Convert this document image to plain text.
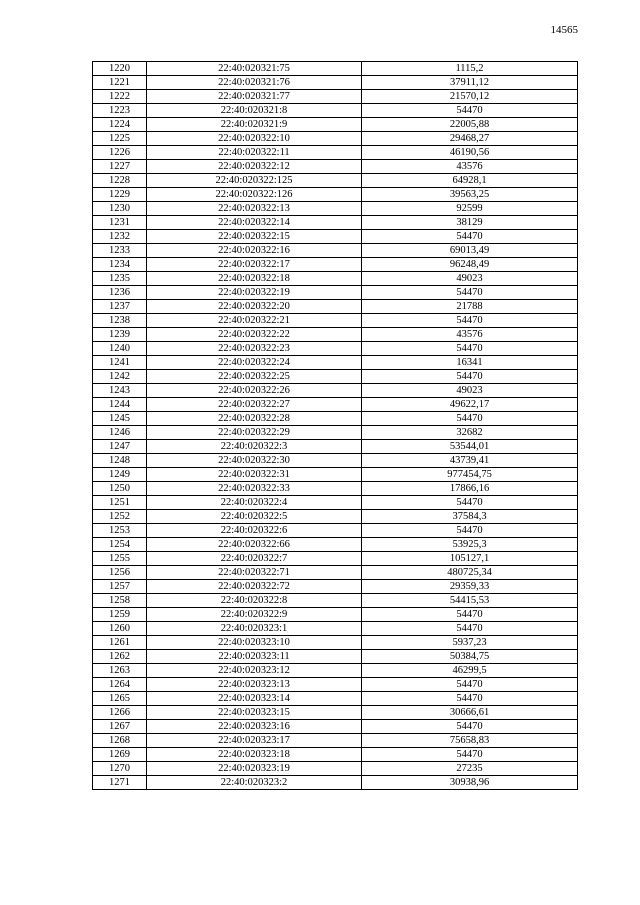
14565
1220	22:40:020321:75	1115,2
1221	22:40:020321:76	37911,12
1222	22:40:020321:77	21570,12
1223	22:40:020321:8	54470
1224	22:40:020321:9	22005,88
1225	22:40:020322:10	29468,27
1226	22:40:020322:11	46190,56
1227	22:40:020322:12	43576
1228	22:40:020322:125	64928,1
1229	22:40:020322:126	39563,25
1230	22:40:020322:13	92599
1231	22:40:020322:14	38129
1232	22:40:020322:15	54470
1233	22:40:020322:16	69013,49
1234	22:40:020322:17	96248,49
1235	22:40:020322:18	49023
1236	22:40:020322:19	54470
1237	22:40:020322:20	21788
1238	22:40:020322:21	54470
1239	22:40:020322:22	43576
1240	22:40:020322:23	54470
1241	22:40:020322:24	16341
1242	22:40:020322:25	54470
1243	22:40:020322:26	49023
1244	22:40:020322:27	49622,17
1245	22:40:020322:28	54470
1246	22:40:020322:29	32682
1247	22:40:020322:3	53544,01
1248	22:40:020322:30	43739,41
1249	22:40:020322:31	977454,75
1250	22:40:020322:33	17866,16
1251	22:40:020322:4	54470
1252	22:40:020322:5	37584,3
1253	22:40:020322:6	54470
1254	22:40:020322:66	53925,3
1255	22:40:020322:7	105127,1
1256	22:40:020322:71	480725,34
1257	22:40:020322:72	29359,33
1258	22:40:020322:8	54415,53
1259	22:40:020322:9	54470
1260	22:40:020323:1	54470
1261	22:40:020323:10	5937,23
1262	22:40:020323:11	50384,75
1263	22:40:020323:12	46299,5
1264	22:40:020323:13	54470
1265	22:40:020323:14	54470
1266	22:40:020323:15	30666,61
1267	22:40:020323:16	54470
1268	22:40:020323:17	75658,83
1269	22:40:020323:18	54470
1270	22:40:020323:19	27235
1271	22:40:020323:2	30938,96
